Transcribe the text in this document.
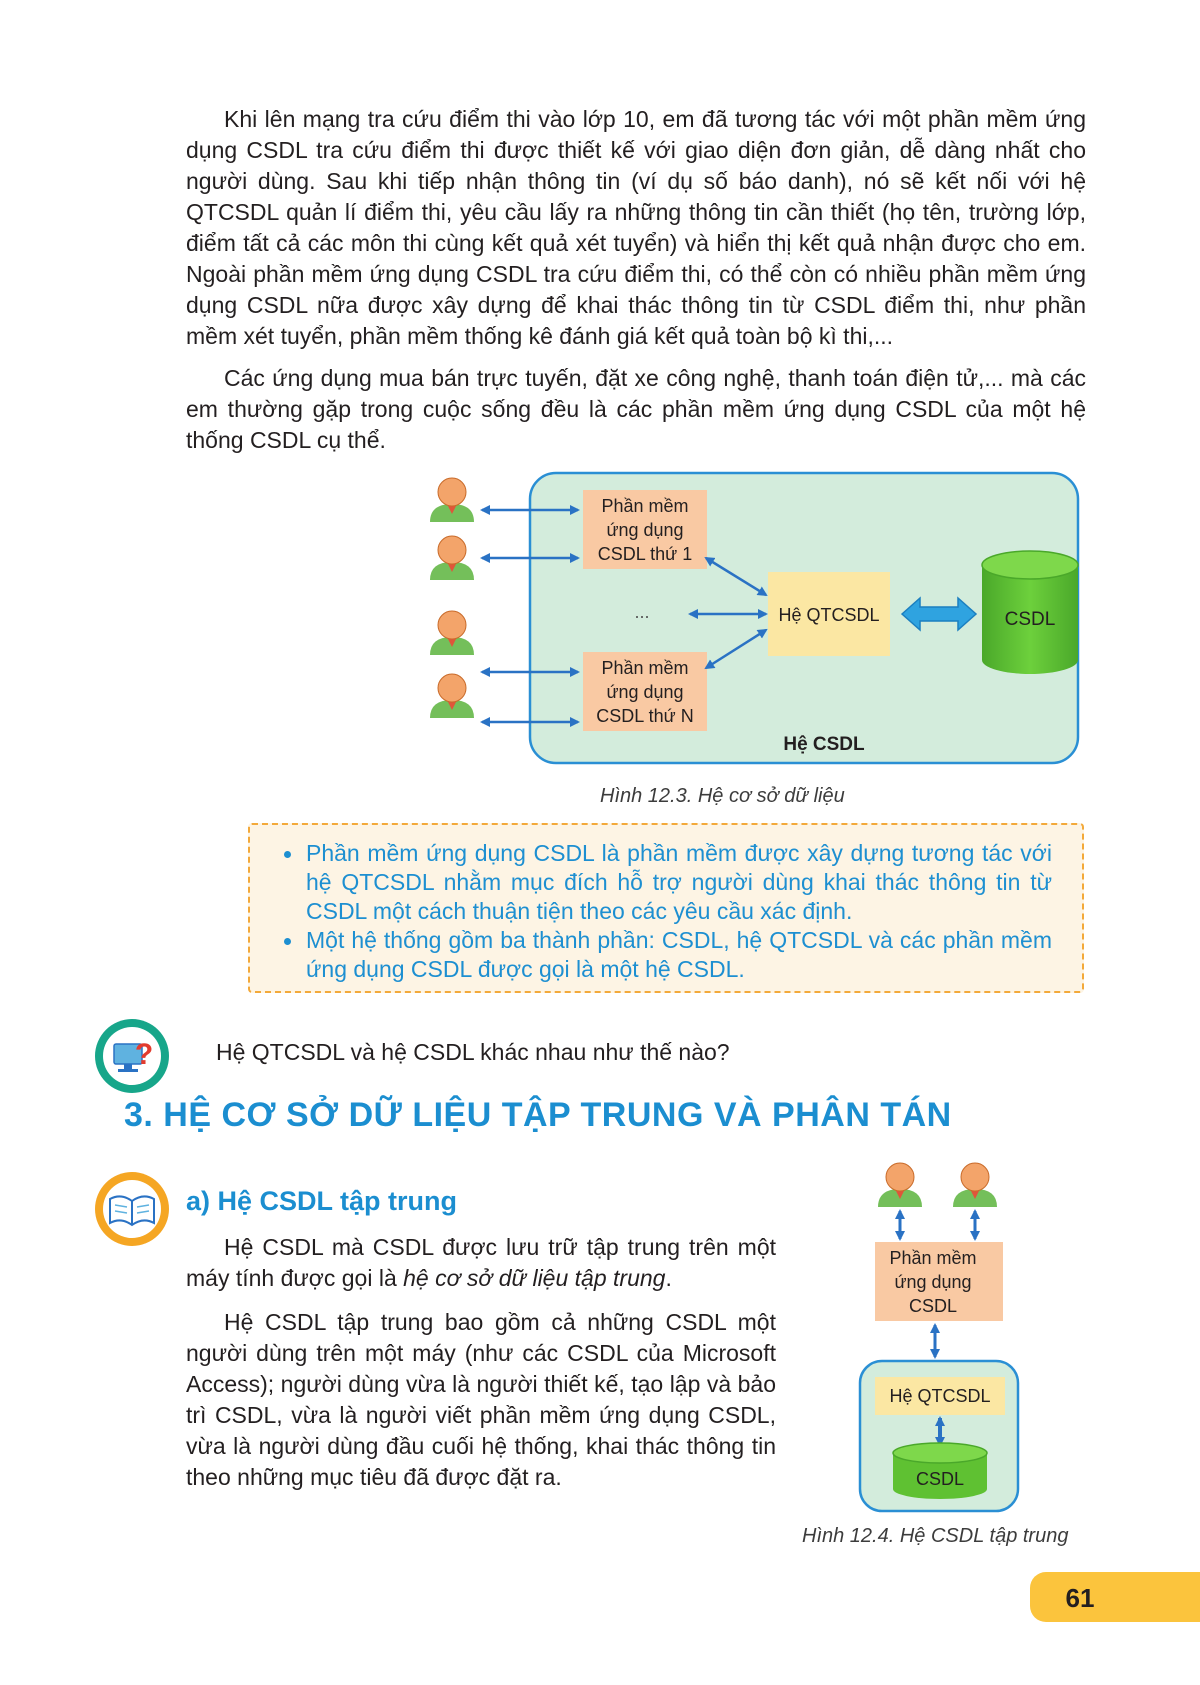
Khi lên mạng tra cứu điểm thi vào lớp 10, em đã tương tác với một phần mềm ứng dụng CSDL tra cứu điểm thi được thiết kế với giao diện đơn giản, dễ dàng nhất cho người dùng. Sau khi tiếp nhận thông tin (ví dụ số báo danh), nó sẽ kết nối với hệ QTCSDL quản lí điểm thi, yêu cầu lấy ra những thông tin cần thiết (họ tên, trường lớp, điểm tất cả các môn thi cùng kết quả xét tuyển) và hiển thị kết quả nhận được cho em. Ngoài phần mềm ứng dụng CSDL tra cứu điểm thi, có thể còn có nhiều phần mềm ứng dụng CSDL nữa được xây dựng để khai thác thông tin từ CSDL điểm thi, như phần mềm xét tuyển, phần mềm thống kê đánh giá kết quả toàn bộ kì thi,...

Các ứng dụng mua bán trực tuyến, đặt xe công nghệ, thanh toán điện tử,... mà các em thường gặp trong cuộc sống đều là các phần mềm ứng dụng CSDL của một hệ thống CSDL cụ thể.

Phần mềm
ứng dụng
CSDL thứ 1
Phần mềm
ứng dụng
CSDL thứ N
...	Hệ QTCSDL	CSDL
Hệ CSDL
Hình 12.3. Hệ cơ sở dữ liệu
Phần mềm ứng dụng CSDL là phần mềm được xây dựng tương tác với hệ QTCSDL nhằm mục đích hỗ trợ người dùng khai thác thông tin từ CSDL một cách thuận tiện theo các yêu cầu xác định.
Một hệ thống gồm ba thành phần: CSDL, hệ QTCSDL và các phần mềm ứng dụng CSDL được gọi là một hệ CSDL.
?	Hệ QTCSDL và hệ CSDL khác nhau như thế nào?

3. HỆ CƠ SỞ DỮ LIỆU TẬP TRUNG VÀ PHÂN TÁN
a) Hệ CSDL tập trung

Hệ CSDL mà CSDL được lưu trữ tập trung trên một máy tính được gọi là hệ cơ sở dữ liệu tập trung.

Hệ CSDL tập trung bao gồm cả những CSDL một người dùng trên một máy (như các CSDL của Microsoft Access); người dùng vừa là người thiết kế, tạo lập và bảo trì CSDL, vừa là người viết phần mềm ứng dụng CSDL, vừa là người dùng đầu cuối hệ thống, khai thác thông tin theo những mục tiêu đã được đặt ra.

Phần mềm
ứng dụng
CSDL
Hệ QTCSDL
CSDL
Hình 12.4. Hệ CSDL tập trung

61
